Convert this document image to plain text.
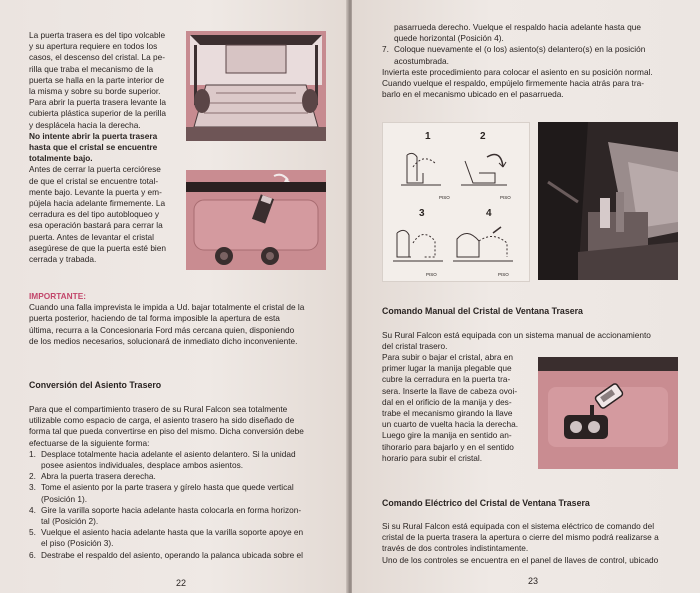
La puerta trasera es del tipo volcable

y su apertura requiere en todos los

casos, el descenso del cristal. La pe-

rilla que traba el mecanismo de la

puerta se halla en la parte interior de

la misma y sobre su borde superior.

Para abrir la puerta trasera levante la

cubierta plástica superior de la perilla

y desplácela hacia la derecha.

No intente abrir la puerta trasera

hasta que el cristal se encuentre

totalmente bajo.

Antes de cerrar la puerta cerciórese

de que el cristal se encuentre total-

mente bajo. Levante la puerta y em-

pújela hacia adelante firmemente. La

cerradura es del tipo autobloqueo y

esa operación bastará para cerrar la

puerta. Antes de levantar el cristal

asegúrese de que la puerta esté bien

cerrada y trabada.

IMPORTANTE:

Cuando una falla imprevista le impida a Ud. bajar totalmente el cristal de la

puerta posterior, haciendo de tal forma imposible la apertura de esta

última, recurra a la Concesionaria Ford más cercana quien, disponiendo

de los medios necesarios, solucionará de inmediato dicho inconveniente.

Conversión del Asiento Trasero

Para que el compartimiento trasero de su Rural Falcon sea totalmente

utilizable como espacio de carga, el asiento trasero ha sido diseñado de

forma tal que pueda convertirse en piso del mismo. Dicha conversión debe

efectuarse de la siguiente forma:

1. Desplace totalmente hacia adelante el asiento delantero. Si la unidad

posee asientos individuales, desplace ambos asientos.

2. Abra la puerta trasera derecha.

3. Tome el asiento por la parte trasera y gírelo hasta que quede vertical

(Posición 1).

4. Gire la varilla soporte hacia adelante hasta colocarla en forma horizon-

tal (Posición 2).

5. Vuelque el asiento hacia adelante hasta que la varilla soporte apoye en

el piso (Posición 3).

6. Destrabe el respaldo del asiento, operando la palanca ubicada sobre el

22

pasarrueda derecho. Vuelque el respaldo hacia adelante hasta que

quede horizontal (Posición 4).

7. Coloque nuevamente el (o los) asiento(s) delantero(s) en la posición

acostumbrada.

Invierta este procedimiento para colocar el asiento en su posición normal.

Cuando vuelque el respaldo, empújelo firmemente hacia atrás para tra-

barlo en el mecanismo ubicado en el pasarrueda.

1	2
3	4
PISO	PISO
PISO	PISO

Comando Manual del Cristal de Ventana Trasera

Su Rural Falcon está equipada con un sistema manual de accionamiento

del cristal trasero.

Para subir o bajar el cristal, abra en

primer lugar la manija plegable que

cubre la cerradura en la puerta tra-

sera. Inserte la llave de cabeza ovoi-

dal en el orificio de la manija y des-

trabe el mecanismo girando la llave

un cuarto de vuelta hacia la derecha.

Luego gire la manija en sentido an-

tihorario para bajarlo y en el sentido

horario para subir el cristal.

Comando Eléctrico del Cristal de Ventana Trasera

Si su Rural Falcon está equipada con el sistema eléctrico de comando del

cristal de la puerta trasera la apertura o cierre del mismo podrá realizarse a

través de dos controles indistintamente.

Uno de los controles se encuentra en el panel de llaves de control, ubicado

23
